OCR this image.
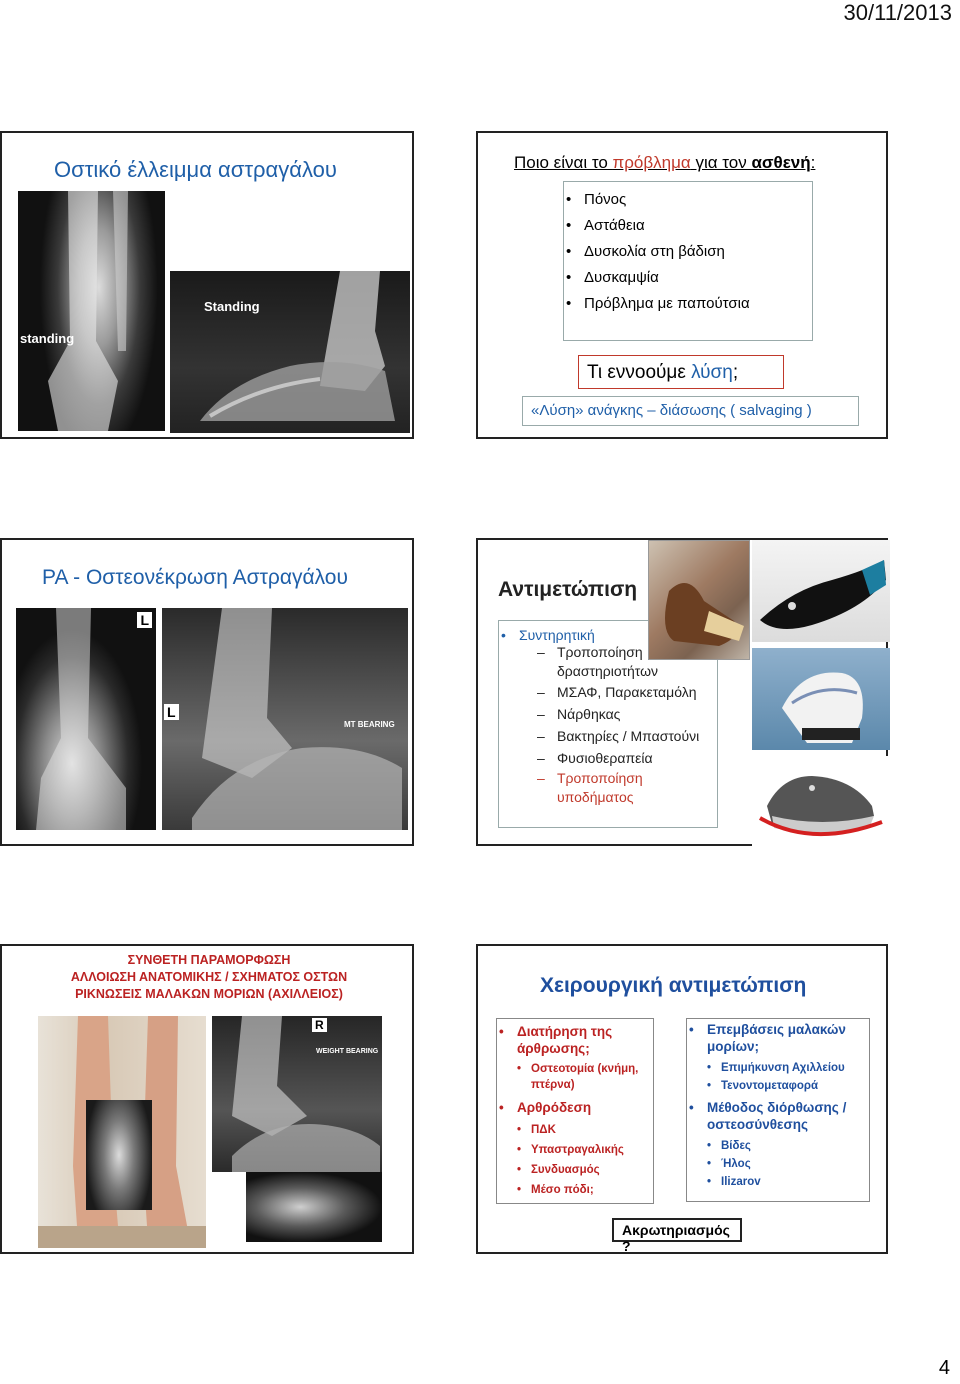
30/11/2013
4
Οστικό έλλειμμα αστραγάλου
standing
Standing
Ποιο είναι το πρόβλημα για τον ασθενή:
• Πόνος
• Αστάθεια
• Δυσκολία στη βάδιση
• Δυσκαμψία
• Πρόβλημα με παπούτσια
Τι εννοούμε λύση;
«Λύση» ανάγκης – διάσωσης ( salvaging )
ΡΑ - Οστεονέκρωση Αστραγάλου
L
L
MT BEARING
Αντιμετώπιση
• Συντηρητική
– Τροποποίηση δραστηριοτήτων
– ΜΣΑΦ, Παρακεταμόλη
– Νάρθηκας
– Βακτηρίες / Μπαστούνι
– Φυσιοθεραπεία
– Τροποποίηση υποδήματος
ΣΥΝΘΕΤΗ ΠΑΡΑΜΟΡΦΩΣΗ
ΑΛΛΟΙΩΣΗ ΑΝΑΤΟΜΙΚΗΣ / ΣΧΗΜΑΤΟΣ ΟΣΤΩΝ
ΡΙΚΝΩΣΕΙΣ ΜΑΛΑΚΩΝ ΜΟΡΙΩΝ (ΑΧΙΛΛΕΙΟΣ)
R
WEIGHT BEARING
Χειρουργική αντιμετώπιση
• Διατήρηση της άρθρωσης;
• Οστεοτομία (κνήμη, πτέρνα)
• Αρθρόδεση
• ΠΔΚ
• Υπαστραγαλικής
• Συνδυασμός
• Μέσο πόδι;
• Επεμβάσεις μαλακών μορίων;
• Επιμήκυνση Αχιλλείου
• Τενοντομεταφορά
• Μέθοδος διόρθωσης / οστεοσύνθεσης
• Βίδες
• Ήλος
• Ilizarov
Ακρωτηριασμός ?
